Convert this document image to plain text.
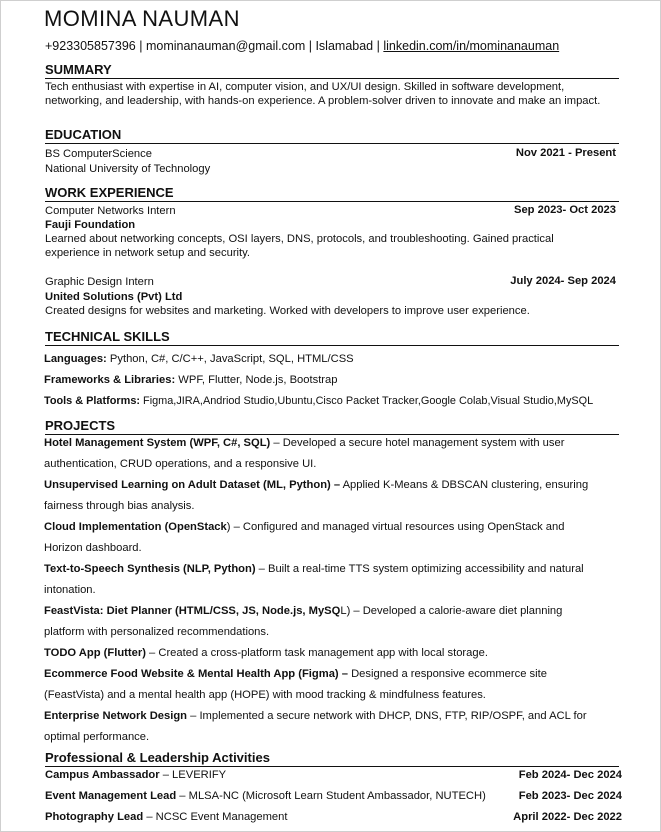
MOMINA NAUMAN
+923305857396 | mominanauman@gmail.com | Islamabad | linkedin.com/in/mominanauman
SUMMARY
Tech enthusiast with expertise in AI, computer vision, and UX/UI design. Skilled in software development, networking, and leadership, with hands-on experience. A problem-solver driven to innovate and make an impact.
EDUCATION
BS ComputerScience	Nov 2021 - Present
National University of Technology
WORK EXPERIENCE
Computer Networks Intern	Sep 2023- Oct 2023
Fauji Foundation
Learned about networking concepts, OSI layers, DNS, protocols, and troubleshooting. Gained practical experience in network setup and security.
Graphic Design Intern	July 2024- Sep 2024
United Solutions (Pvt) Ltd
Created designs for websites and marketing. Worked with developers to improve user experience.
TECHNICAL SKILLS
Languages: Python, C#, C/C++, JavaScript, SQL, HTML/CSS
Frameworks & Libraries: WPF, Flutter, Node.js, Bootstrap
Tools & Platforms: Figma,JIRA,Andriod Studio,Ubuntu,Cisco Packet Tracker,Google Colab,Visual Studio,MySQL
PROJECTS
Hotel Management System (WPF, C#, SQL) – Developed a secure hotel management system with user authentication, CRUD operations, and a responsive UI.
Unsupervised Learning on Adult Dataset (ML, Python) – Applied K-Means & DBSCAN clustering, ensuring fairness through bias analysis.
Cloud Implementation (OpenStack) – Configured and managed virtual resources using OpenStack and Horizon dashboard.
Text-to-Speech Synthesis (NLP, Python) – Built a real-time TTS system optimizing accessibility and natural intonation.
FeastVista: Diet Planner (HTML/CSS, JS, Node.js, MySQL) – Developed a calorie-aware diet planning platform with personalized recommendations.
TODO App (Flutter) – Created a cross-platform task management app with local storage.
Ecommerce Food Website & Mental Health App (Figma) – Designed a responsive ecommerce site (FeastVista) and a mental health app (HOPE) with mood tracking & mindfulness features.
Enterprise Network Design – Implemented a secure network with DHCP, DNS, FTP, RIP/OSPF, and ACL for optimal performance.
Professional & Leadership Activities
Campus Ambassador – LEVERIFY	Feb 2024- Dec 2024
Event Management Lead – MLSA-NC (Microsoft Learn Student Ambassador, NUTECH)	Feb 2023- Dec 2024
Photography Lead – NCSC Event Management	April 2022- Dec 2022
